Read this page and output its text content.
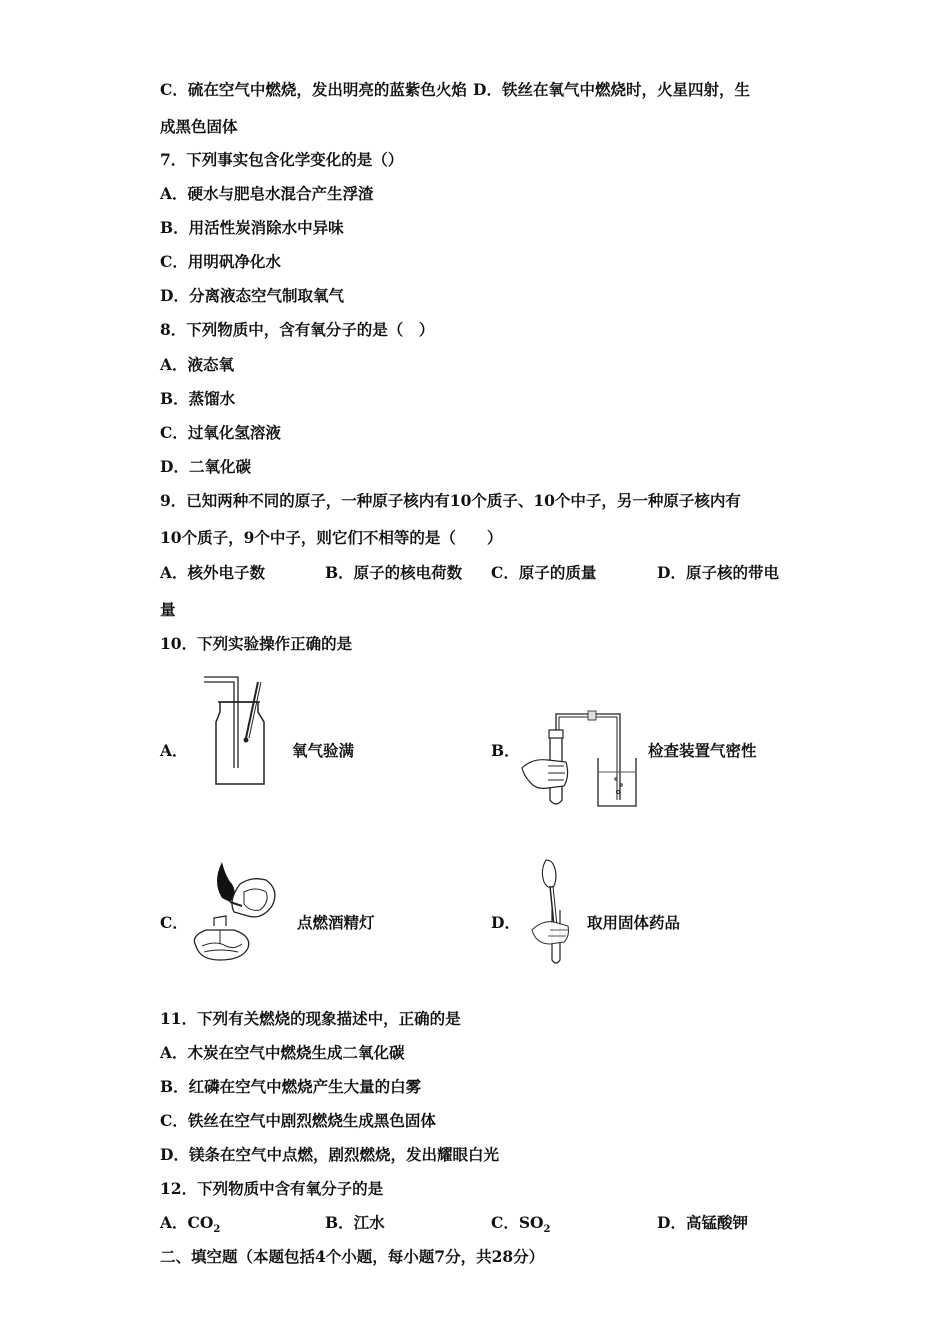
C．硫在空气中燃烧，发出明亮的蓝紫色火焰 D．铁丝在氧气中燃烧时，火星四射，生
成黑色固体
7．下列事实包含化学变化的是（）
A．硬水与肥皂水混合产生浮渣
B．用活性炭消除水中异味
C．用明矾净化水
D．分离液态空气制取氧气
8．下列物质中，含有氧分子的是（　）
A．液态氧
B．蒸馏水
C．过氧化氢溶液
D．二氧化碳
9．已知两种不同的原子，一种原子核内有10个质子、10个中子，另一种原子核内有
10个质子，9个中子，则它们不相等的是（　　）
A．核外电子数	B．原子的核电荷数 C．原子的质量	D．原子核的带电
量
10．下列实验操作正确的是
A．	氧气验满	B．	检查装置气密性
C．	点燃酒精灯	D．	取用固体药品
11．下列有关燃烧的现象描述中，正确的是
A．木炭在空气中燃烧生成二氧化碳
B．红磷在空气中燃烧产生大量的白雾
C．铁丝在空气中剧烈燃烧生成黑色固体
D．镁条在空气中点燃，剧烈燃烧，发出耀眼白光
12．下列物质中含有氧分子的是
A．$CO_2$	B．江水	C．$SO_2$	D．高锰酸钾
二、填空题（本题包括4个小题，每小题7分，共28分）
